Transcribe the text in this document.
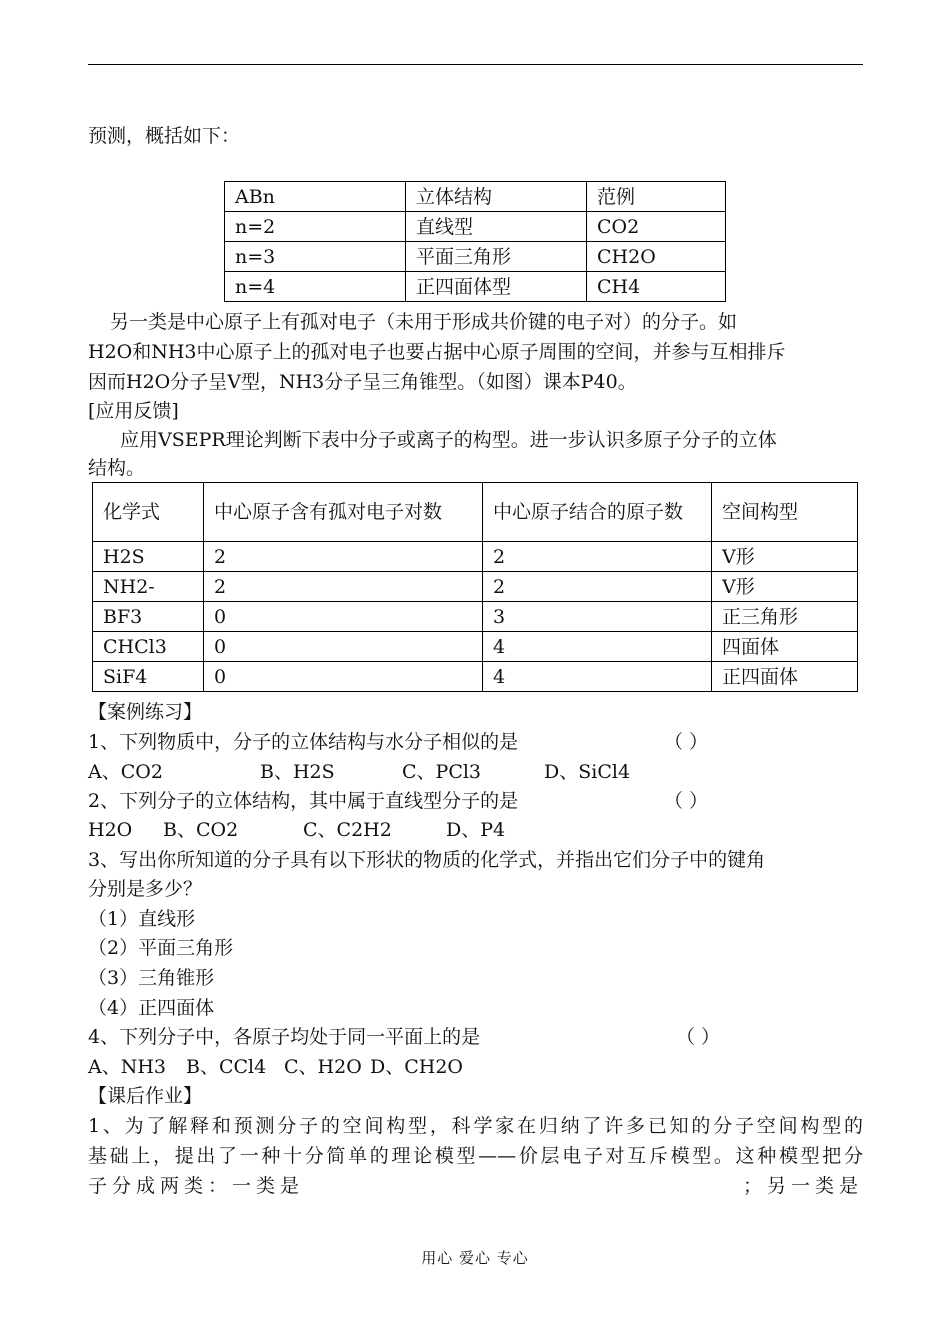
预测，概括如下：
ABn	立体结构	范例
n=2	直线型	CO2
n=3	平面三角形	CH2O
n=4	正四面体型	CH4
另一类是中心原子上有孤对电子（未用于形成共价键的电子对）的分子。如
H2O和NH3中心原子上的孤对电子也要占据中心原子周围的空间，并参与互相排斥
因而H2O分子呈V型，NH3分子呈三角锥型。（如图）课本P40。
[应用反馈]
应用VSEPR理论判断下表中分子或离子的构型。进一步认识多原子分子的立体
结构。
化学式	中心原子含有孤对电子对数	中心原子结合的原子数	空间构型
H2S	2	2	V形
NH2-	2	2	V形
BF3	0	3	正三角形
CHCl3	0	4	四面体
SiF4	0	4	正四面体
【案例练习】
1、下列物质中，分子的立体结构与水分子相似的是	（ ）
A、CO2	B、H2S	C、PCl3	D、SiCl4
2、下列分子的立体结构，其中属于直线型分子的是	（ ）
H2O B、CO2	C、C2H2	D、P4
3、写出你所知道的分子具有以下形状的物质的化学式，并指出它们分子中的键角
分别是多少？
（1）直线形
（2）平面三角形
（3）三角锥形
（4）正四面体
4、下列分子中，各原子均处于同一平面上的是	（ ）
A、NH3 B、CCl4 C、H2O D、CH2O
【课后作业】
1、为了解释和预测分子的空间构型，科学家在归纳了许多已知的分子空间构型的
基础上，提出了一种十分简单的理论模型——价层电子对互斥模型。这种模型把分
子分成两类：一类是	；另一类是
用心 爱心 专心
